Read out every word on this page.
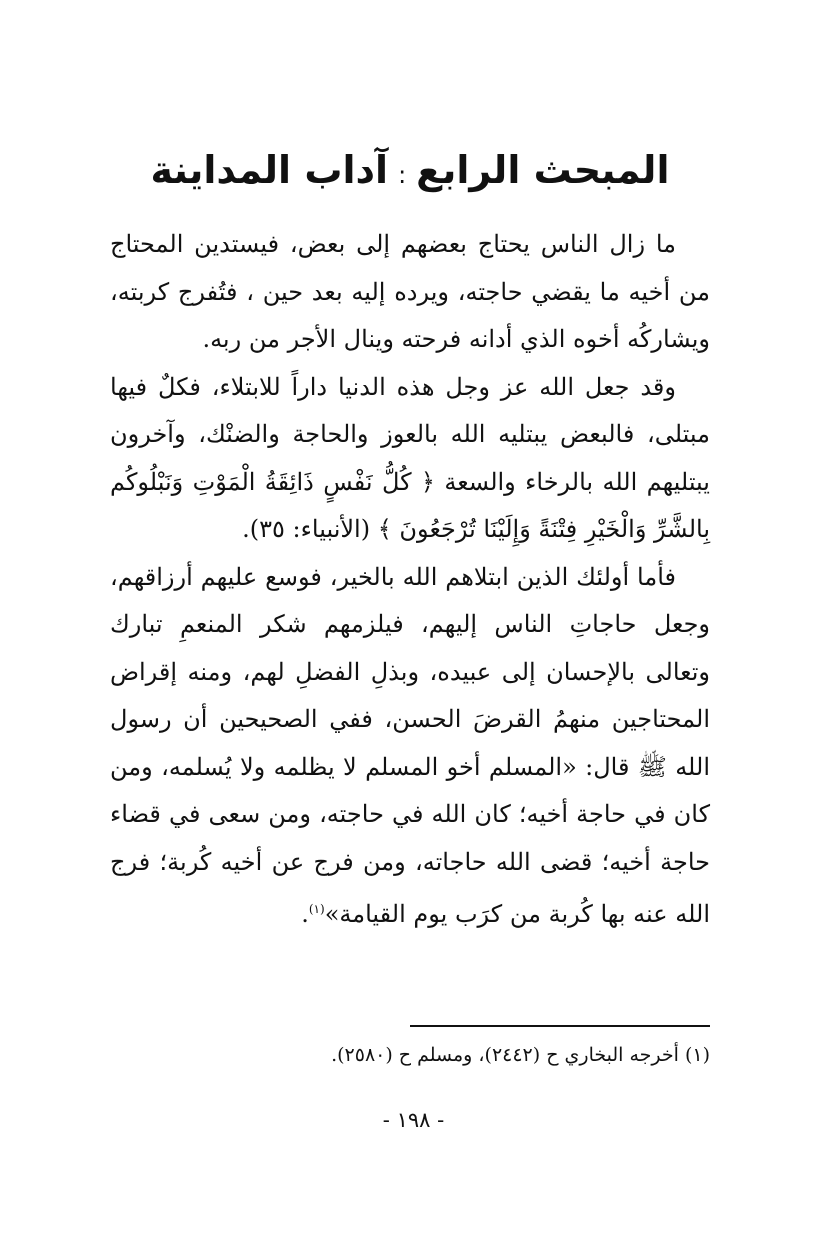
المبحث الرابع:آداب المداينة

ما زال الناس يحتاج بعضهم إلى بعض، فيستدين المحتاج من أخيه ما يقضي حاجته، ويرده إليه بعد حين ، فتُفرج كربته، ويشاركُه أخوه الذي أدانه فرحته وينال الأجر من ربه.

وقد جعل الله عز وجل هذه الدنيا داراً للابتلاء، فكلٌ فيها مبتلى، فالبعض يبتليه الله بالعوز والحاجة والضنْك، وآخرون يبتليهم الله بالرخاء والسعة ﴿ كُلُّ نَفْسٍ ذَائِقَةُ الْمَوْتِ وَنَبْلُوكُم بِالشَّرِّ وَالْخَيْرِ فِتْنَةً وَإِلَيْنَا تُرْجَعُونَ ﴾ (الأنبياء: ٣٥).

فأما أولئك الذين ابتلاهم الله بالخير، فوسع عليهم أرزاقهم، وجعل حاجاتِ الناس إليهم، فيلزمهم شكر المنعمِ تبارك وتعالى بالإحسان إلى عبيده، وبذلِ الفضلِ لهم، ومنه إقراض المحتاجين منهمُ القرضَ الحسن، ففي الصحيحين أن رسول الله ﷺ قال: «المسلم أخو المسلم لا يظلمه ولا يُسلمه، ومن كان في حاجة أخيه؛ كان الله في حاجته، ومن سعى في قضاء حاجة أخيه؛ قضى الله حاجاته، ومن فرج عن أخيه كُربة؛ فرج الله عنه بها كُربة من كرَب يوم القيامة»$^{(١)}$.

(١) أخرجه البخاري ح (٢٤٤٢)، ومسلم ح (٢٥٨٠).
- ١٩٨ -
